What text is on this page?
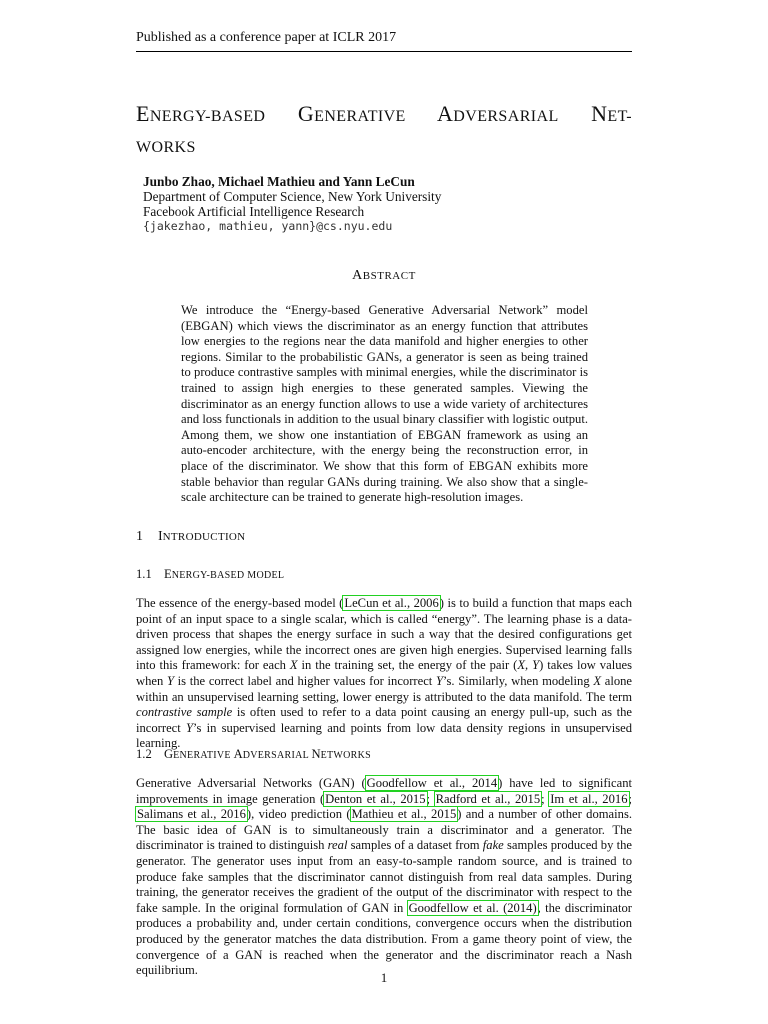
Published as a conference paper at ICLR 2017
ENERGY-BASED GENERATIVE ADVERSARIAL NET-
WORKS
Junbo Zhao, Michael Mathieu and Yann LeCun
Department of Computer Science, New York University
Facebook Artificial Intelligence Research
{jakezhao, mathieu, yann}@cs.nyu.edu
ABSTRACT
We introduce the “Energy-based Generative Adversarial Network” model (EBGAN) which views the discriminator as an energy function that attributes low energies to the regions near the data manifold and higher energies to other regions. Similar to the probabilistic GANs, a generator is seen as being trained to produce contrastive samples with minimal energies, while the discriminator is trained to assign high energies to these generated samples. Viewing the discriminator as an energy function allows to use a wide variety of architectures and loss functionals in addition to the usual binary classifier with logistic output. Among them, we show one instantiation of EBGAN framework as using an auto-encoder architecture, with the energy being the reconstruction error, in place of the discriminator. We show that this form of EBGAN exhibits more stable behavior than regular GANs during training. We also show that a single-scale architecture can be trained to generate high-resolution images.
1 INTRODUCTION
1.1 ENERGY-BASED MODEL
The essence of the energy-based model (LeCun et al., 2006) is to build a function that maps each point of an input space to a single scalar, which is called “energy”. The learning phase is a data-driven process that shapes the energy surface in such a way that the desired configurations get assigned low energies, while the incorrect ones are given high energies. Supervised learning falls into this framework: for each X in the training set, the energy of the pair (X, Y) takes low values when Y is the correct label and higher values for incorrect Y’s. Similarly, when modeling X alone within an unsupervised learning setting, lower energy is attributed to the data manifold. The term contrastive sample is often used to refer to a data point causing an energy pull-up, such as the incorrect Y’s in supervised learning and points from low data density regions in unsupervised learning.
1.2 GENERATIVE ADVERSARIAL NETWORKS
Generative Adversarial Networks (GAN) (Goodfellow et al., 2014) have led to significant improvements in image generation (Denton et al., 2015; Radford et al., 2015; Im et al., 2016; Salimans et al., 2016), video prediction (Mathieu et al., 2015) and a number of other domains. The basic idea of GAN is to simultaneously train a discriminator and a generator. The discriminator is trained to distinguish real samples of a dataset from fake samples produced by the generator. The generator uses input from an easy-to-sample random source, and is trained to produce fake samples that the discriminator cannot distinguish from real data samples. During training, the generator receives the gradient of the output of the discriminator with respect to the fake sample. In the original formulation of GAN in Goodfellow et al. (2014), the discriminator produces a probability and, under certain conditions, convergence occurs when the distribution produced by the generator matches the data distribution. From a game theory point of view, the convergence of a GAN is reached when the generator and the discriminator reach a Nash equilibrium.	1
